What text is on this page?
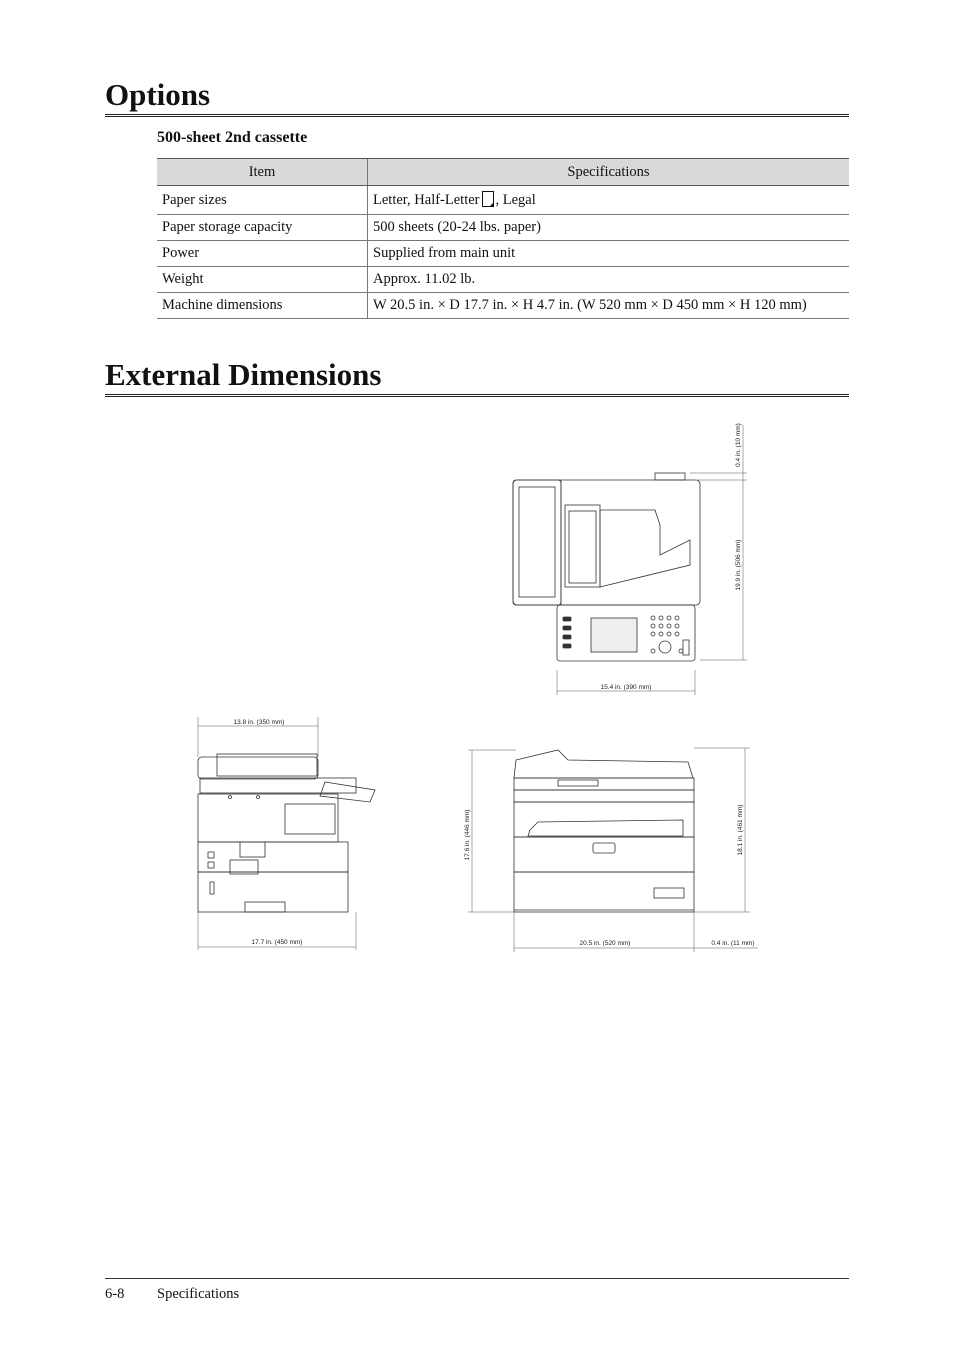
Options
500-sheet 2nd cassette
Item	Specifications
Paper sizes	Letter, Half-Letter , Legal
Paper storage capacity	500 sheets (20-24 lbs. paper)
Power	Supplied from main unit
Weight	Approx. 11.02 lb.
Machine dimensions	W 20.5 in. × D 17.7 in. × H 4.7 in. (W 520 mm × D 450 mm × H 120 mm)
External Dimensions
15.4 in. (390 mm)
19.9 in. (506 mm)
0.4 in. (10 mm)
13.8 in. (350 mm)
17.7 in. (450 mm)
17.6 in. (446 mm)	18.1 in. (461 mm)
20.5 in. (520 mm)	0.4 in. (11 mm)
6-8 Specifications
